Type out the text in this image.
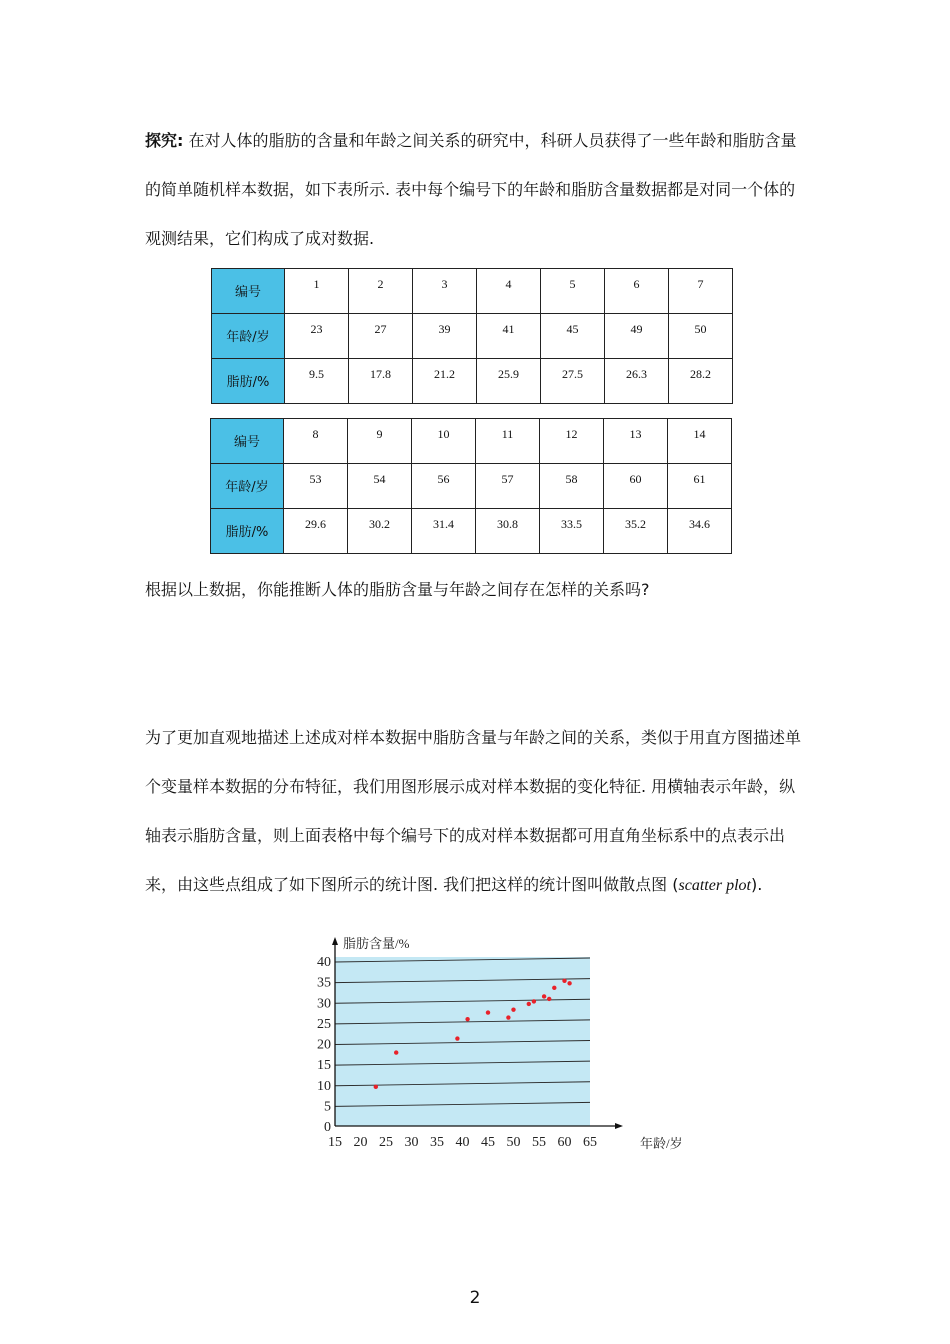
探究: 在对人体的脂肪的含量和年龄之间关系的研究中，科研人员获得了一些年龄和脂肪含量的简单随机样本数据，如下表所示. 表中每个编号下的年龄和脂肪含量数据都是对同一个体的观测结果，它们构成了成对数据.

编号	1	2	3	4	5	6	7
年龄/岁	23	27	39	41	45	49	50
脂肪/%	9.5	17.8	21.2	25.9	27.5	26.3	28.2
编号	8	9	10	11	12	13	14
年龄/岁	53	54	56	57	58	60	61
脂肪/%	29.6	30.2	31.4	30.8	33.5	35.2	34.6

根据以上数据，你能推断人体的脂肪含量与年龄之间存在怎样的关系吗?

为了更加直观地描述上述成对样本数据中脂肪含量与年龄之间的关系，类似于用直方图描述单个变量样本数据的分布特征，我们用图形展示成对样本数据的变化特征. 用横轴表示年龄，纵轴表示脂肪含量，则上面表格中每个编号下的成对样本数据都可用直角坐标系中的点表示出来，由这些点组成了如下图所示的统计图. 我们把这样的统计图叫做散点图 (scatter plot).

15 20 25 30 35 40 45 50 55 60 65
0
5
10
15
20
25
30
35
40
脂肪含量/%
年龄/岁
2
